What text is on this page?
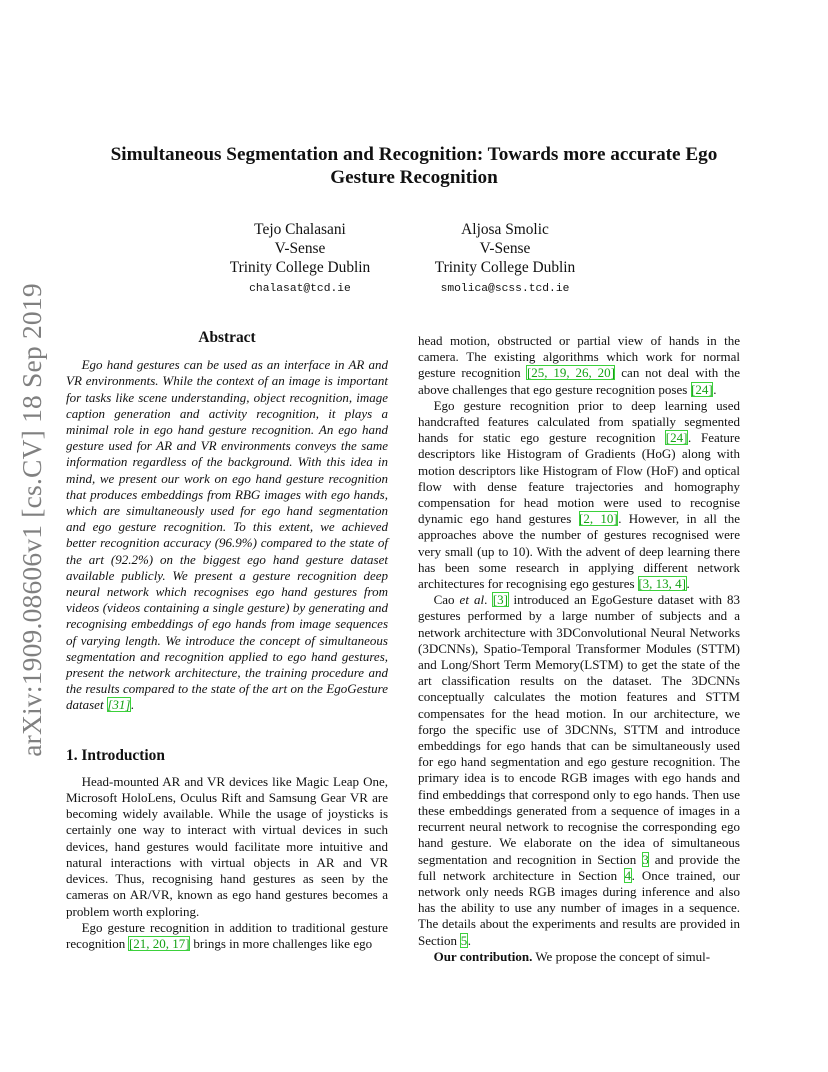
arXiv:1909.08606v1 [cs.CV] 18 Sep 2019
Simultaneous Segmentation and Recognition: Towards more accurate Ego Gesture Recognition
Tejo Chalasani
V-Sense
Trinity College Dublin
chalasat@tcd.ie
Aljosa Smolic
V-Sense
Trinity College Dublin
smolica@scss.tcd.ie
Abstract

Ego hand gestures can be used as an interface in AR and VR environments. While the context of an image is important for tasks like scene understanding, object recognition, image caption generation and activity recognition, it plays a minimal role in ego hand gesture recognition. An ego hand gesture used for AR and VR environments conveys the same information regardless of the background. With this idea in mind, we present our work on ego hand gesture recognition that produces embeddings from RBG images with ego hands, which are simultaneously used for ego hand segmentation and ego gesture recognition. To this extent, we achieved better recognition accuracy (96.9%) compared to the state of the art (92.2%) on the biggest ego hand gesture dataset available publicly. We present a gesture recognition deep neural network which recognises ego hand gestures from videos (videos containing a single gesture) by generating and recognising embeddings of ego hands from image sequences of varying length. We introduce the concept of simultaneous segmentation and recognition applied to ego hand gestures, present the network architecture, the training procedure and the results compared to the state of the art on the EgoGesture dataset [31].

1. Introduction

Head-mounted AR and VR devices like Magic Leap One, Microsoft HoloLens, Oculus Rift and Samsung Gear VR are becoming widely available. While the usage of joysticks is certainly one way to interact with virtual devices in such devices, hand gestures would facilitate more intuitive and natural interactions with virtual objects in AR and VR devices. Thus, recognising hand gestures as seen by the cameras on AR/VR, known as ego hand gestures becomes a problem worth exploring.

Ego gesture recognition in addition to traditional gesture recognition [21, 20, 17] brings in more challenges like ego

head motion, obstructed or partial view of hands in the camera. The existing algorithms which work for normal gesture recognition [25, 19, 26, 20] can not deal with the above challenges that ego gesture recognition poses [24].

Ego gesture recognition prior to deep learning used handcrafted features calculated from spatially segmented hands for static ego gesture recognition [24]. Feature descriptors like Histogram of Gradients (HoG) along with motion descriptors like Histogram of Flow (HoF) and optical flow with dense feature trajectories and homography compensation for head motion were used to recognise dynamic ego hand gestures [2, 10]. However, in all the approaches above the number of gestures recognised were very small (up to 10). With the advent of deep learning there has been some research in applying different network architectures for recognising ego gestures [3, 13, 4].

Cao et al. [3] introduced an EgoGesture dataset with 83 gestures performed by a large number of subjects and a network architecture with 3DConvolutional Neural Networks (3DCNNs), Spatio-Temporal Transformer Modules (STTM) and Long/Short Term Memory(LSTM) to get the state of the art classification results on the dataset. The 3DCNNs conceptually calculates the motion features and STTM compensates for the head motion. In our architecture, we forgo the specific use of 3DCNNs, STTM and introduce embeddings for ego hands that can be simultaneously used for ego hand segmentation and ego gesture recognition. The primary idea is to encode RGB images with ego hands and find embeddings that correspond only to ego hands. Then use these embeddings generated from a sequence of images in a recurrent neural network to recognise the corresponding ego hand gesture. We elaborate on the idea of simultaneous segmentation and recognition in Section 3 and provide the full network architecture in Section 4. Once trained, our network only needs RGB images during inference and also has the ability to use any number of images in a sequence. The details about the experiments and results are provided in Section 5.

Our contribution. We propose the concept of simul-
